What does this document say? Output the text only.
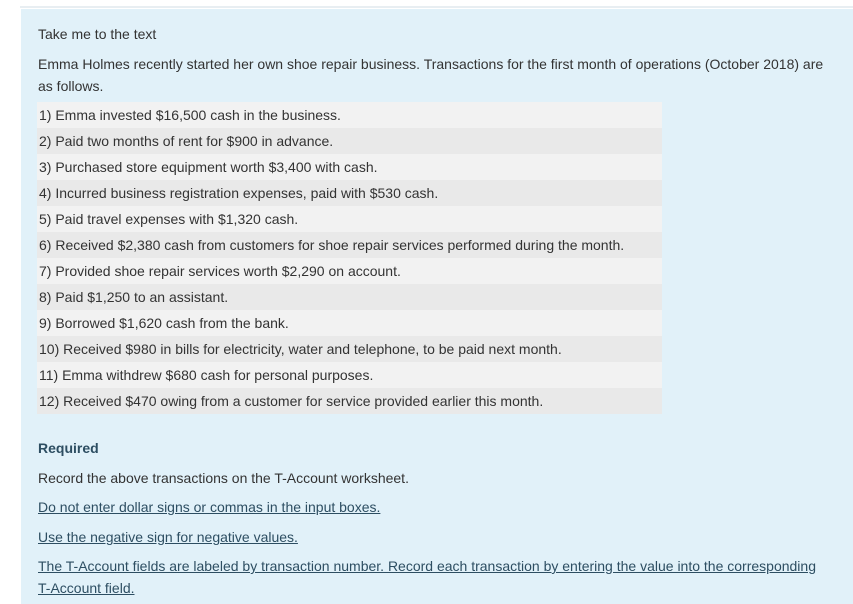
Take me to the text
Emma Holmes recently started her own shoe repair business. Transactions for the first month of operations (October 2018) are as follows.
1) Emma invested $16,500 cash in the business.
2) Paid two months of rent for $900 in advance.
3) Purchased store equipment worth $3,400 with cash.
4) Incurred business registration expenses, paid with $530 cash.
5) Paid travel expenses with $1,320 cash.
6) Received $2,380 cash from customers for shoe repair services performed during the month.
7) Provided shoe repair services worth $2,290 on account.
8) Paid $1,250 to an assistant.
9) Borrowed $1,620 cash from the bank.
10) Received $980 in bills for electricity, water and telephone, to be paid next month.
11) Emma withdrew $680 cash for personal purposes.
12) Received $470 owing from a customer for service provided earlier this month.
Required
Record the above transactions on the T-Account worksheet.
Do not enter dollar signs or commas in the input boxes.
Use the negative sign for negative values.
The T-Account fields are labeled by transaction number. Record each transaction by entering the value into the corresponding T-Account field.
